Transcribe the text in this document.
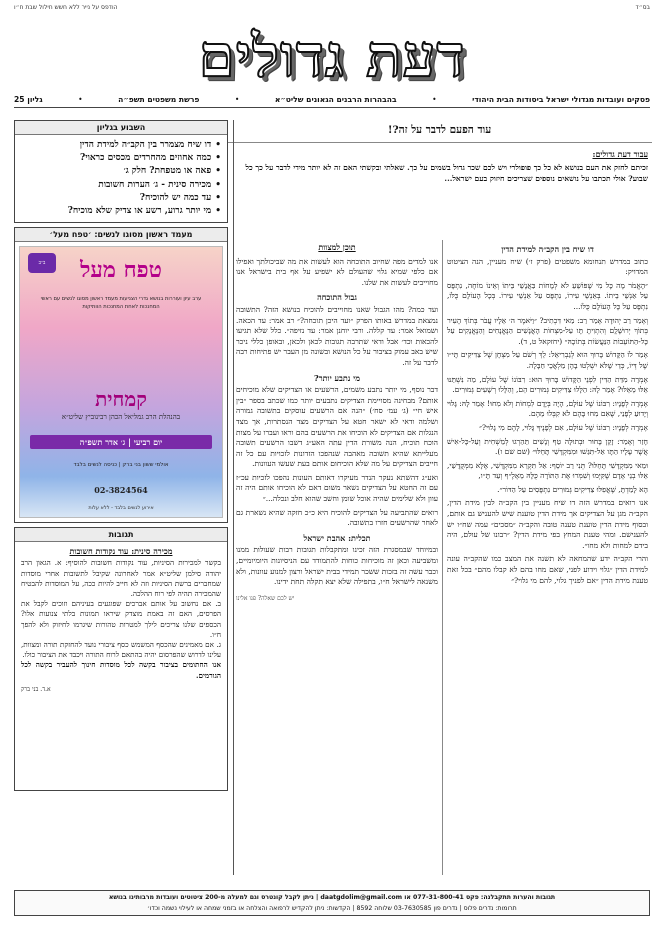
בס״ד
הודפס על נייר ללא חשש חילול שבת ח״ו
דעת גדולים
פסקים ועובדות מגדולי ישראל ביסודות הבית היהודי
•
בהבהרות הרבנים הגאונים שליט״א
•
פרשת משפטים תשפ״ה
•
גליון 25
עוד הפעם לדבר על זה?!
עבור דעת גדולים:
זכיתם לחזק את העם בנושא לא כל כך פופולרי ויש לכם שכר גדול בשמים על כך. שאלתי ובקשתי האם זה לא יותר מידי לדבר על כך כל שבוע? אולי תכתבו על נושאים נוספים שצריכים חיזוק בעם ישראל...
דו שיח בין הקב״ה למידת הדין

כתוב במדרש תנחומא משפטים (פרק ז׳) שיח מעניין, הנה הציטוט המדויק:

״הָאֱמֹר מָה כָּל מִי שֶׁפּוֹשֵׁעַ לֹא לְמָחוֹת בַּאֲנָשֵׁי בֵּיתוֹ וְאֵינוֹ מוֹחֶה, נִתְפָּס עַל אַנְשֵׁי בֵיתוֹ. בְּאַנְשֵׁי עִירוֹ, נִתְפָּס עַל אַנְשֵׁי עִירוֹ. בְּכָל הָעוֹלָם כֻּלּוֹ, נִתְפָּס עַל כָּל הָעוֹלָם כֻּלּוֹ...

וְאָמַר רַב יְהוּדָה אָמַר רַב: מַאי דִּכְתִיב? ״וַיֹּאמֶר ה׳ אֵלָיו עֲבֹר בְּתוֹךְ הָעִיר בְּתוֹךְ יְרוּשָׁלִָם וְהִתְוִיתָ תָּו עַל-מִצְחוֹת הָאֲנָשִׁים הַנֶּאֱנָחִים וְהַנֶּאֱנָקִים עַל כָּל-הַתּוֹעֵבוֹת הַנַּעֲשׂוֹת בְּתוֹכָהּ״ (יחזקאל ט, ד).

אָמַר לוֹ הַקָּדוֹשׁ בָּרוּךְ הוּא לְגַבְרִיאֵל: לֵךְ רְשֹׁם עַל מִצְחָן שֶׁל צַדִּיקִים תָּי״ו שֶׁל דְּיוֹ, כְּדֵי שֶׁלֹּא יִשְׁלְטוּ בָהֶן מַלְאֲכֵי חַבָּלָה.

אָמְרָה מִדַּת הַדִּין לִפְנֵי הַקָּדוֹשׁ בָּרוּךְ הוּא: רִבּוֹנוֹ שֶׁל עוֹלָם, מַה נִּשְׁתַּנּוּ אֵלּוּ מֵאֵלּוּ? אָמַר לָהּ: הַלָּלוּ צַדִּיקִים גְּמוּרִים הֵם, וְהַלָּלוּ רְשָׁעִים גְּמוּרִים.

אָמְרָה לְפָנָיו: רִבּוֹנוֹ שֶׁל עוֹלָם, הָיָה בְּיָדָם לִמְחוֹת וְלֹא מִחוּ! אָמַר לָהּ: גָּלוּי וְיָדוּעַ לְפָנַי, שֶׁאִם מִחוּ בָּהֶם לֹא קִבְּלוּ מֵהֶם.

אָמְרָה לְפָנָיו: רִבּוֹנוֹ שֶׁל עוֹלָם, אִם לְפָנֶיךָ גָּלוּי, לָהֶם מִי גָלוּי?״

חָזַר וְאָמַר: זָקֵן בָּחוּר וּבְתוּלָה טַף וְנָשִׁים תַּהַרְגוּ לְמַשְׁחִית וְעַל-כָּל-אִישׁ אֲשֶׁר עָלָיו הַתָּו אַל-תִּגַּשׁוּ וּמִמִּקְדָּשִׁי תָּחֵלּוּ״ (שם שם ו).

וּמַאי מִמִּקְדָּשִׁי תָּחֵלּוּ? תְּנִי רַב יוֹסֵף: אַל תִּקְרֵא מִמִּקְדָּשִׁי, אֶלָּא מִמְּקֻדָּשַׁי, אֵלּוּ בְנֵי אָדָם שֶׁקִּיְּמוּ וְשִׁמְּרוּ אֶת הַתּוֹרָה כֻּלָּהּ מֵאָלֶ״ף וְעַד תָּ״ו,

הָא לָמַדְתָּ, שֶׁאֲפִלּוּ צַדִּיקִים גְּמוּרִים נִתְפָּסִים עַל הַדּוֹר״.

אנו רואים במדרש הזה דו שיח מעניין בין הקב״ה לבין מידת הדין, הקב״ה מגן על הצדיקים אך מידת הדין טוענת שיש להעניש גם אותם, ובסוף מידת הדין טוענת טענה טובה והקב״ה ״מסכים״ עמה שח״ו יש להענישם. ומהי טענת המחץ בפי מידת הדין? ״רבונו של עולם, היה בידם למחות ולא מחו״.

והרי הקב״ה ידע שהמחאה לא תשנה את המצב כמו שהקב״ה עונה למידת הדין ״גלוי וידוע לפני, שאם מחו בהם לא קבלו מהם״ בכל זאת טענת מידת הדין ״אם לפניך גלוי, להם מי גלוי?״

תוכן למצוות

אנו למדים מפה שחיוב התוכחה הוא לעשות את מה שביכולתך ואפילו אם כלפי שמיא גלוי שהעולם לא ישפיע על אף בית בישראל אנו מחוייבים לעשות את שלנו.

גבול התוכחה

ועד כמה? מהו הגבול שאנו מחוייבים להוכיח בנושא הזה? התשובה נמצאת במדרש באותו הפרק ״ועד היכן תוכחה?״ רב אמר: עד הכאה. ושמואל אמר: עד קללה. ורבי יוחנן אמר: עד נזיפה״. כלל שלא תגיעו להכאות וכד׳ אבל ודאי שתרבה תגובות לכאן ולכאן, ובאופן כללי ניכר שיש באב עמוק בציבור על כל הנושא ובשונה מן העבר יש פתיחות רבה לדבר על זה.

מי נתבע יותר?

דבר נוסף, מי יותר נתבע משמים, הרשעים או הצדיקים שלא מוכיחים אותם? מבחינה מסויימת הצדיקים נתבעים יותר כמו שכתב בספר ״בין איש חי״ (ג׳ עמ׳ סח׳) ״הנה אם הרשעים עוסקים בתשובה גמורה ושלמה ודאי לא ישאר חטא על הצדיקים מצד הנסתרות, אך מצד הנגלות אם הצדיקים לא הוכיחו את הרשעים בהם וראו ועברו על מצות הוכח תוכיח, הנה משורת הדין עתה האע״ג דשבו הרשעים תשובה מעלייתא שהיא תשובה מאהבה שנהפכו הזדונות לזכויות עם כל זה חייבים הצדיקים על מה שלא הוכיחום אותם בעת שעשו העוונות.

ואע״ג דהשתא נעקר הנדר מעיקרו דאותם העונות נהפכו לזכיות עכ״ז עם זה החטא על הצדיקים נשאר משום דאם לא הוכיחו אותם היה זה עוון ולא שלימים שהיה אוכל שומן וחשב שהוא חלב ונכלה...״

רואים שהתביעה על הצדיקים להוכיח היא כ״כ חזקה שהיא נשארת גם לאחר שהרשעים חזרו בתשובה.

תכלית: אהבת ישראל

ובמיוחד שבמסגרת הזה זכינו ומתקבלות תגובות רבות שעולות ממנו ומשביעה וכאן זה מוכיחות כוחות להתמודד עם הניסיונות היומיומיים, וכבר עשה זה בזכות ששכר תמידי בבית ישראל ורצון למנוע עוונות, ולא משנאה לישראל ח״ו, בתפילה שלא יצא תקלה תחת ידינו.

יש לכם שאלה? פנו אלינו
השבוע בגליון
• דו שיח מצמרר בין הקב״ה למידת הדין
• כמה אחוזים מהחרדים מכסים כראוי?
• פאה או מטפחת? חלק ג׳
• מכירה סינית - ג׳ הערות חשובות
• עד כמה יש להוכיח?
• מי יותר גרוע, רשע או צדיק שלא מוכיח?
מעמד ראשון מסוגו לנשים: ׳טפח מעל׳
ב״ב	טפח מעל
ערב עיון ועוררות בנושא גדרי הצניעות מעמד ראשון מסוגו לנשים עם ראשי המחנכות לאחת המחנכות הוותיקות
קמחית
בהנהלת הרב גמליאל הכהן רבינוביץ שליט״א
יום רביעי | ג׳ אדר תשפ״ה
אולמי ששון בני ברק | כניסה לנשים בלבד
02-3824564
אירוע לנשים בלבד - ללא עלות
תגובות
מכירה סינית: עוד נקודות חשובות

בקשר למכירות הסיניות, עוד נקודות חשובות להוסיף: א. הגאון הרב יהודה סילמן שליט״א אמר לאחרונה שקיבל לתשובות אחרי מוסדות שמחברים ברשת הסיניות וזה לא חייב להיות ככה, על המוסדות להבטיח שהמכירה תהיה לפי רוח ההלכה.

ב. אם נחשוב על אותם אברכים שפוגעים בעיניהם וזוכים לקבל את הפרסים, האם זה באמת מוצדק שיראו תמונות בלתי צנועות אלו? הכספים שלנו צריכים לילך למטרות טהורות שיגרמו לחיזוק ולא להפך ח״ו.

ג. אם מאמינים שהכסף המשמש כסף ציבורי נועד להחזקת תורה ומצוות, עלינו לדרוש שהפרסום יהיה בהתאם לרוח התורה ויכבד את הציבור כולו.

אנו החתומים בציבור בקשה לכל מוסדות חינוך להעביר בקשה לכל הגורמים.

א.ד. בני ברק
תגובות והערות תתקבלנה: פקס 077-31-800-41 או daatgdolim@gmail.com | ניתן לקבל קונטרס וגם למעלה מ-200 ציטוטים ועובדות מרבותינו בנושא
תרומות: נדרים פלוס | נדרים פון 03-7630585 שלוחה 8592 | הקדשות: ניתן להקדיש לרפואה והצלחה או בזמני שמחה או לעילוי נשמה וכדו׳
